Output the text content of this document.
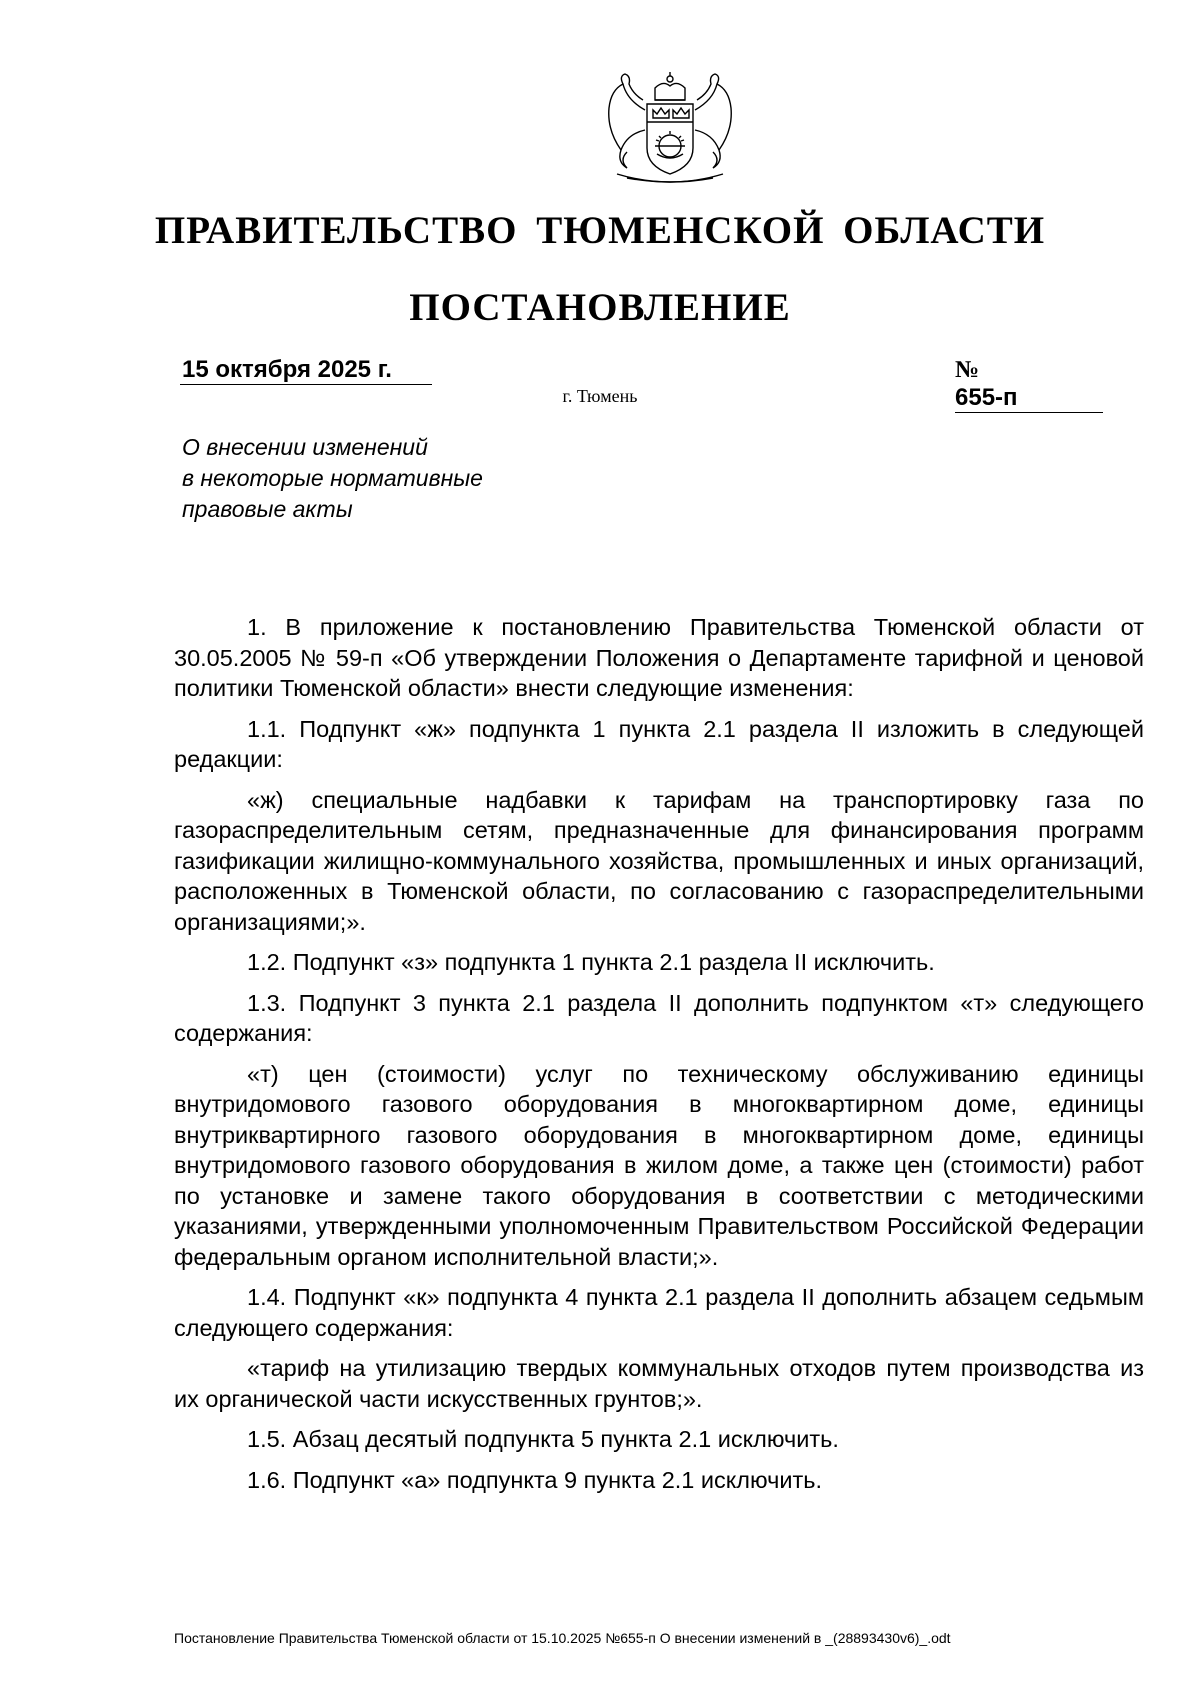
ПРАВИТЕЛЬСТВО ТЮМЕНСКОЙ ОБЛАСТИ
ПОСТАНОВЛЕНИЕ
15 октября 2025 г.	№655-п
г. Тюмень
О внесении изменений
в некоторые нормативные
правовые акты

1. В приложение к постановлению Правительства Тюменской области от 30.05.2005 № 59-п «Об утверждении Положения о Департаменте тарифной и ценовой политики Тюменской области» внести следующие изменения:

1.1. Подпункт «ж» подпункта 1 пункта 2.1 раздела II изложить в следующей редакции:

«ж) специальные надбавки к тарифам на транспортировку газа по газораспределительным сетям, предназначенные для финансирования программ газификации жилищно-коммунального хозяйства, промышленных и иных организаций, расположенных в Тюменской области, по согласованию с газораспределительными организациями;».

1.2. Подпункт «з» подпункта 1 пункта 2.1 раздела II исключить.

1.3. Подпункт 3 пункта 2.1 раздела II дополнить подпунктом «т» следующего содержания:

«т) цен (стоимости) услуг по техническому обслуживанию единицы внутридомового газового оборудования в многоквартирном доме, единицы внутриквартирного газового оборудования в многоквартирном доме, единицы внутридомового газового оборудования в жилом доме, а также цен (стоимости) работ по установке и замене такого оборудования в соответствии с методическими указаниями, утвержденными уполномоченным Правительством Российской Федерации федеральным органом исполнительной власти;».

1.4. Подпункт «к» подпункта 4 пункта 2.1 раздела II дополнить абзацем седьмым следующего содержания:

«тариф на утилизацию твердых коммунальных отходов путем производства из их органической части искусственных грунтов;».

1.5. Абзац десятый подпункта 5 пункта 2.1 исключить.

1.6. Подпункт «а» подпункта 9 пункта 2.1 исключить.

Постановление Правительства Тюменской области от 15.10.2025 №655-п О внесении изменений в _(28893430v6)_.odt
